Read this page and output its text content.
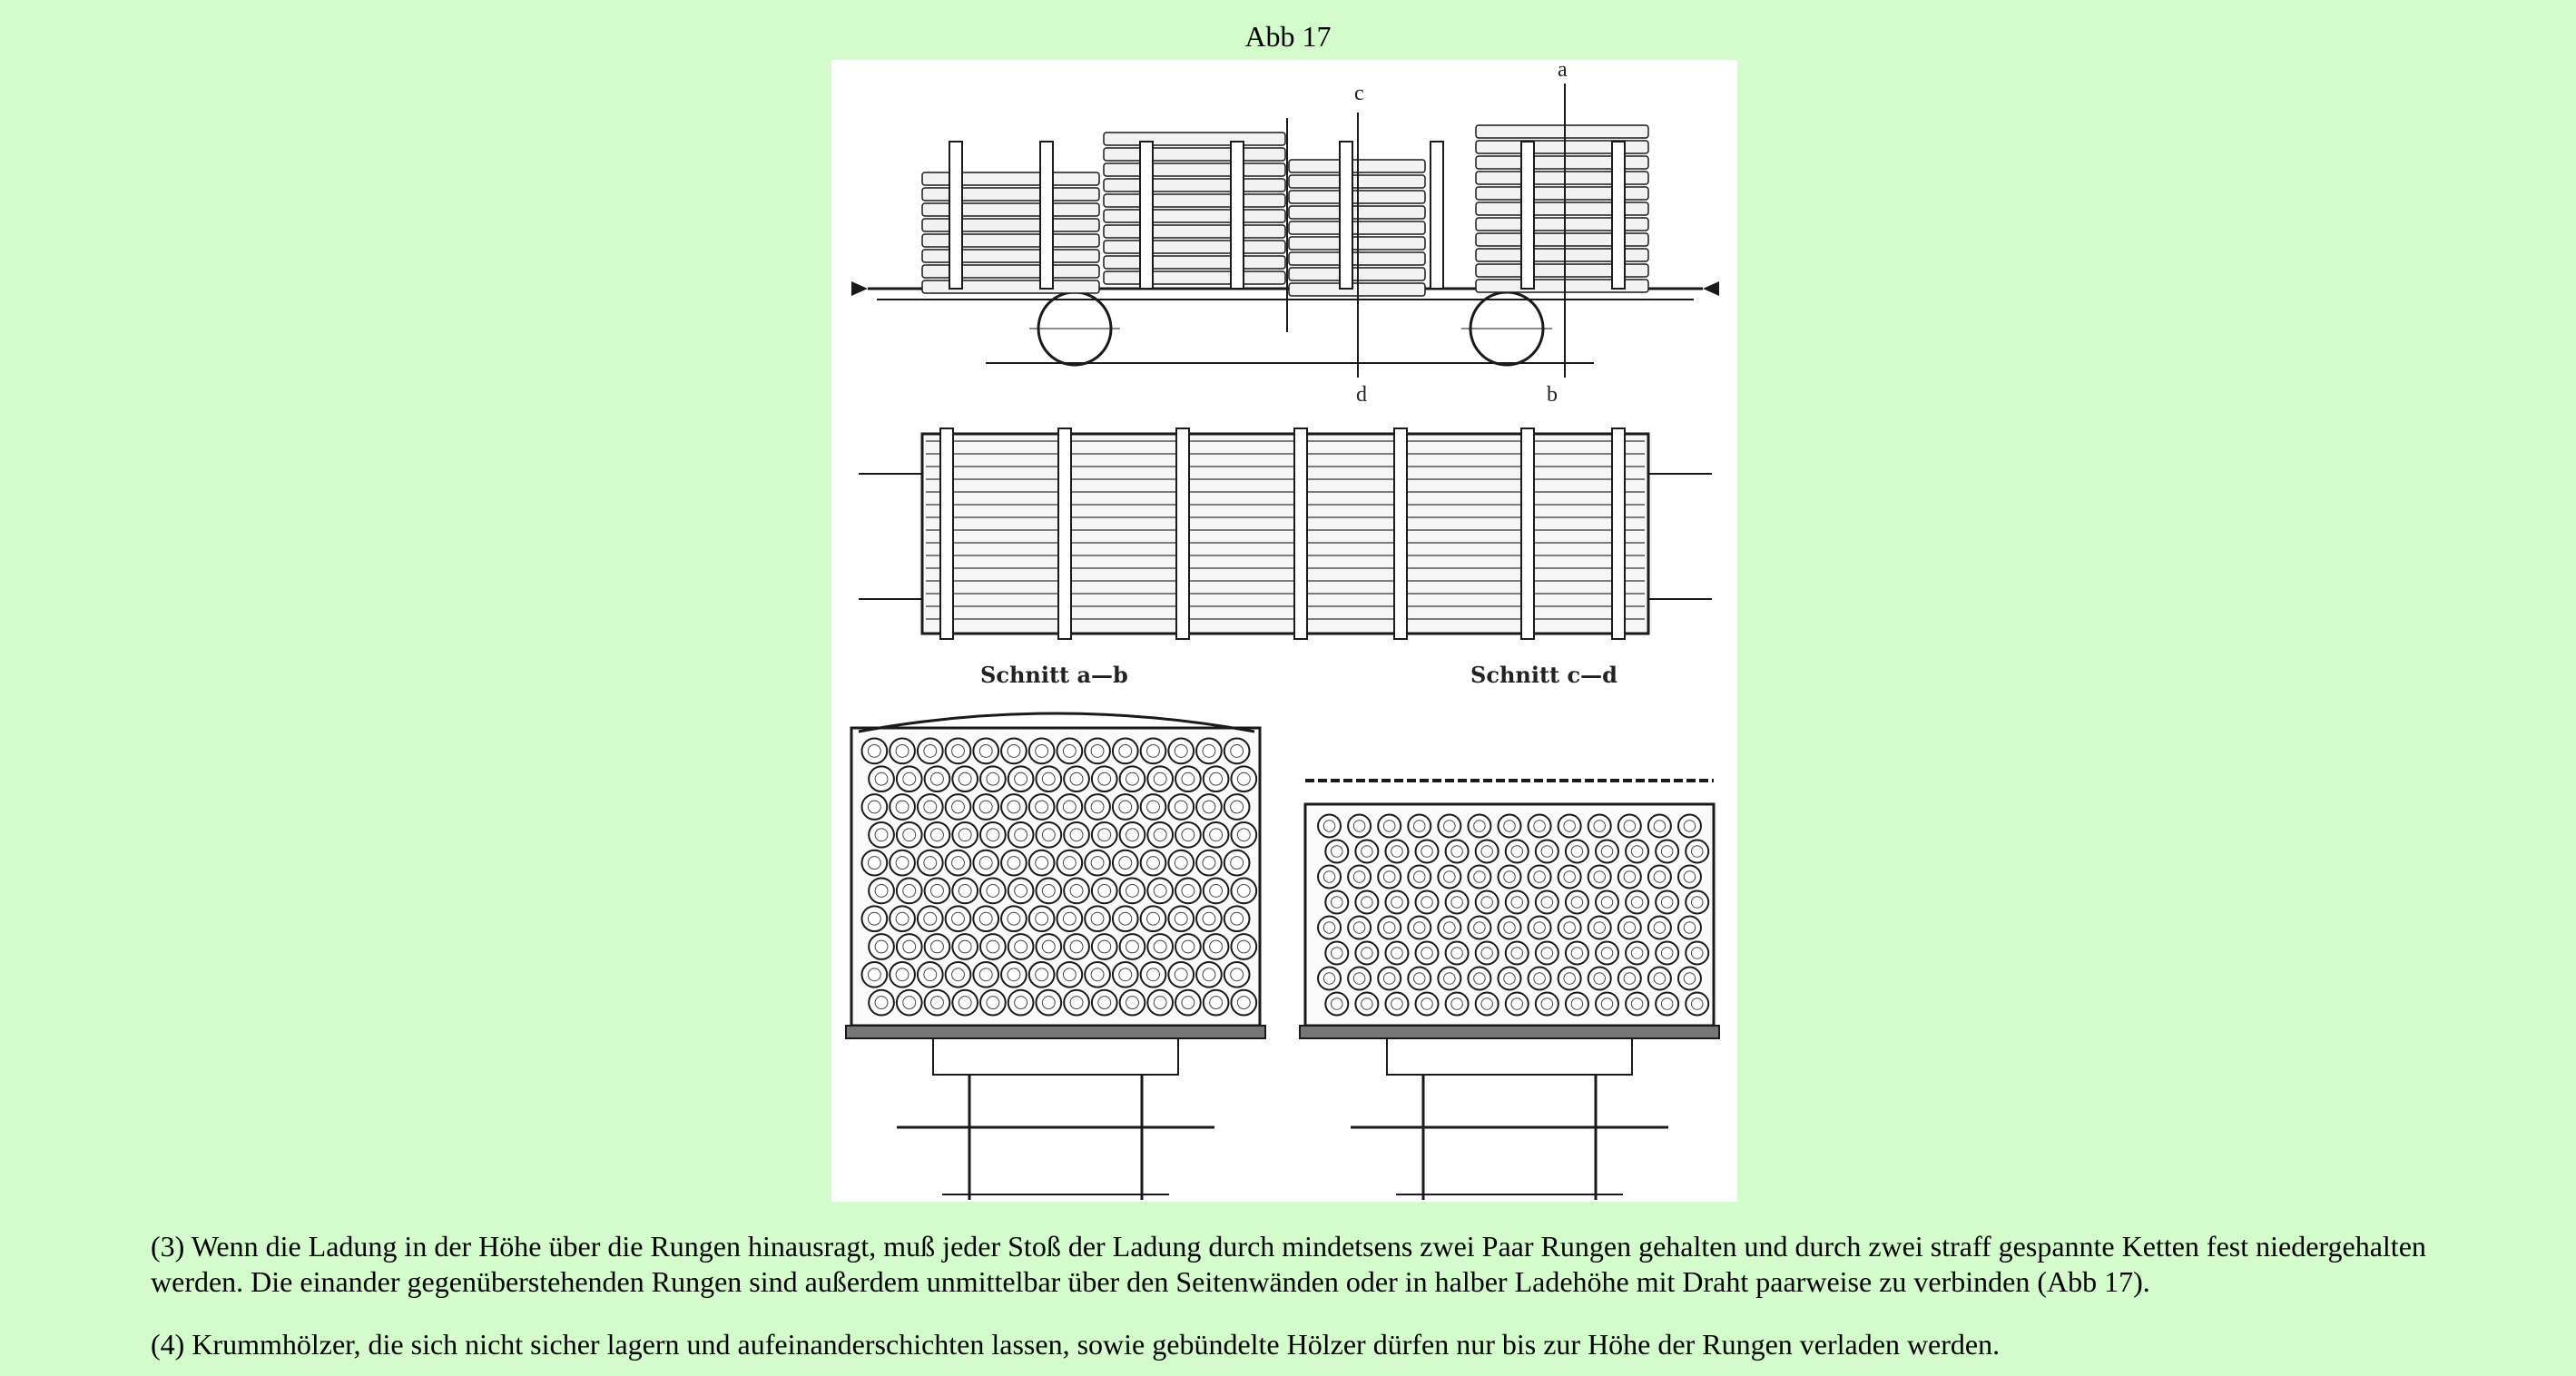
Abb 17
a
c
d	b
Schnitt a—b	Schnitt c—d

(3) Wenn die Ladung in der Höhe über die Rungen hinausragt, muß jeder Stoß der Ladung durch mindetsens zwei Paar Rungen gehalten und durch zwei straff gespannte Ketten fest niedergehalten werden. Die einander gegenüberstehenden Rungen sind außerdem unmittelbar über den Seitenwänden oder in halber Ladehöhe mit Draht paarweise zu verbinden (Abb 17).

(4) Krummhölzer, die sich nicht sicher lagern und aufeinanderschichten lassen, sowie gebündelte Hölzer dürfen nur bis zur Höhe der Rungen verladen werden.
